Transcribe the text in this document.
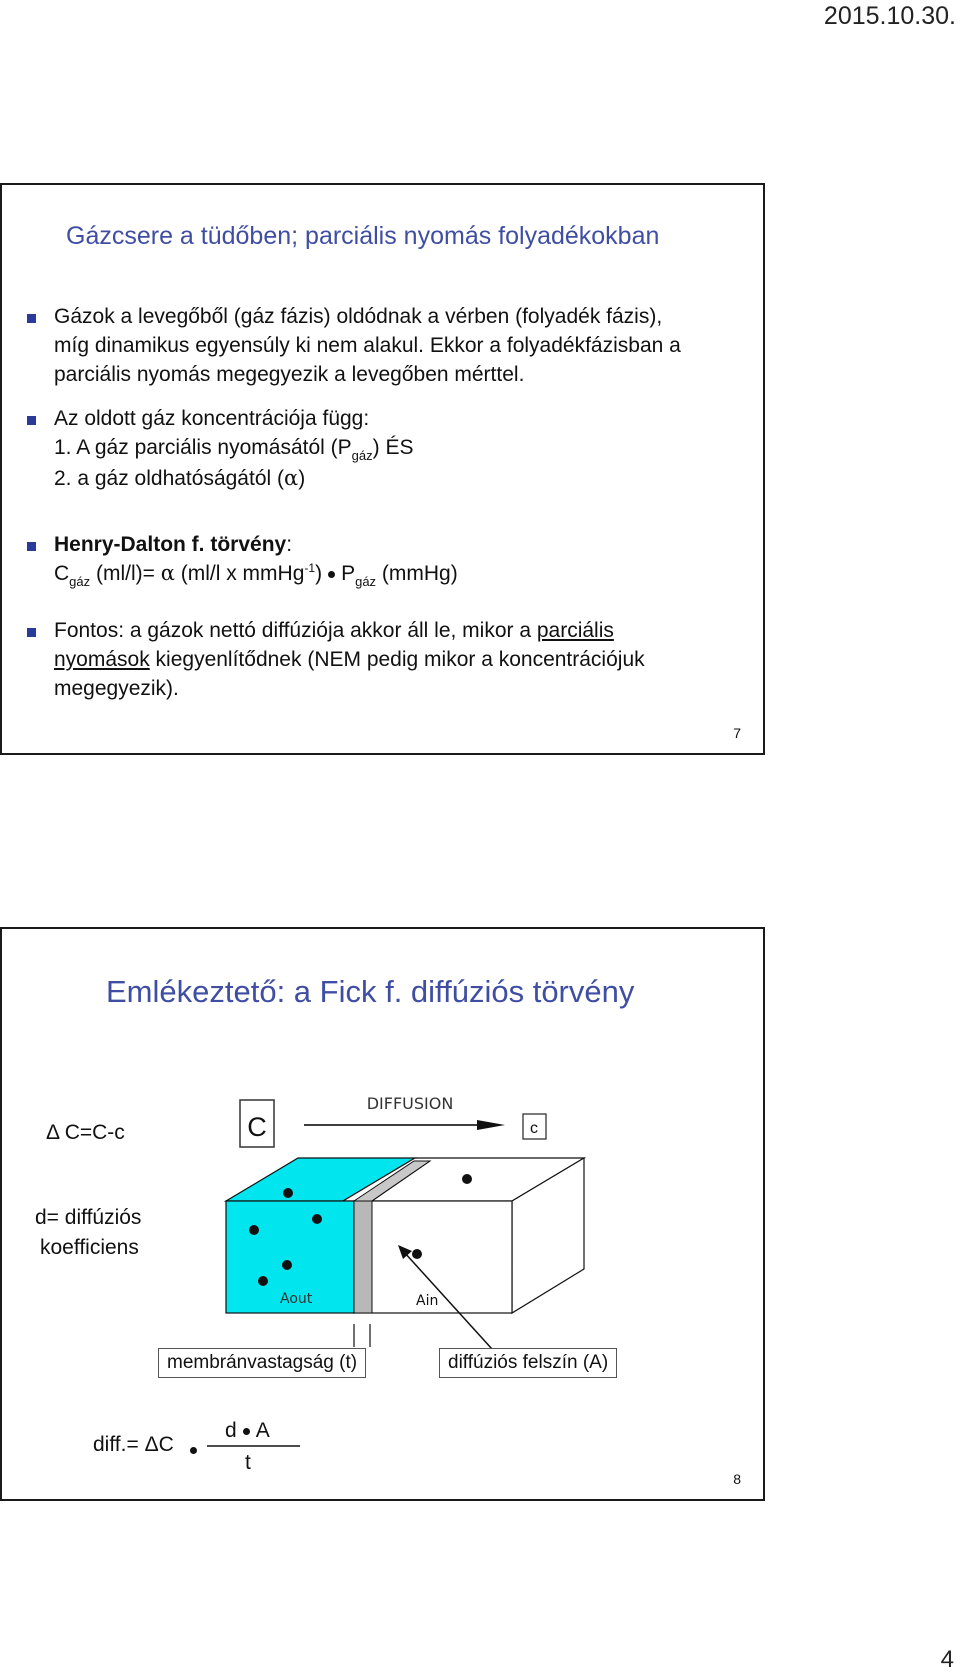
2015.10.30.
Gázcsere a tüdőben; parciális nyomás folyadékokban
Gázok a levegőből (gáz fázis) oldódnak a vérben (folyadék fázis),
míg dinamikus egyensúly ki nem alakul. Ekkor a folyadékfázisban a
parciális nyomás megegyezik a levegőben mérttel.
Az oldott gáz koncentrációja függ:
1. A gáz parciális nyomásától $(P_{gáz})$ ÉS
2. a gáz oldhatóságától (α)
Henry-Dalton f. törvény:
$C_{gáz}$ (ml/l)= α (ml/l x mmHg$^{-1}$) $P_{gáz}$ (mmHg)
Fontos: a gázok nettó diffúziója akkor áll le, mikor a parciális
nyomások kiegyenlítődnek (NEM pedig mikor a koncentrációjuk
megegyezik).
7
Emlékeztető: a Fick f. diffúziós törvény
Δ C=C-c
d= diffúziós
koefficiens
C	c
DIFFUSION
Aout	Ain
membránvastagság (t)	diffúziós felszín (A)
diff.= ΔC
d A
t
8
4
